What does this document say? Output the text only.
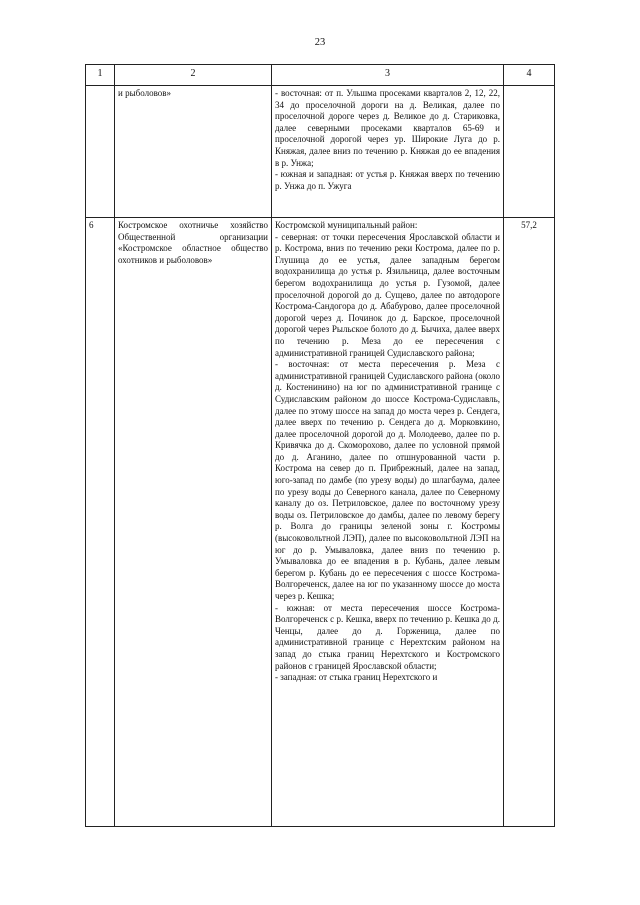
23
1	2	3	4
	и рыболовов»	- восточная: от п. Ульшма просеками кварталов 2, 12, 22, 34 до проселочной дороги на д. Великая, далее по проселочной дороге через д. Великое до д. Стариковка, далее северными просеками кварталов 65-69 и проселочной дорогой через ур. Широкие Луга до р. Княжая, далее вниз по течению р. Княжая до ее впадения в р. Унжа;

- южная и западная: от устья р. Княжая вверх по течению р. Унжа до п. Ужуга	

6	Костромское охотничье хозяйство Общественной организации «Костромское областное общество охотников и рыболовов»	Костромской муниципальный район:

- северная: от точки пересечения Ярославской области и р. Кострома, вниз по течению реки Кострома, далее по р. Глушица до ее устья, далее западным берегом водохранилища до устья р. Язильница, далее восточным берегом водохранилища до устья р. Гузомой, далее проселочной дорогой до д. Сущево, далее по автодороге Кострома-Сандогора до д. Абабурово, далее проселочной дорогой через д. Починок до д. Барское, проселочной дорогой через Рыльское болото до д. Бычиха, далее вверх по течению р. Меза до ее пересечения с административной границей Судиславского района;

- восточная: от места пересечения р. Меза с административной границей Судиславского района (около д. Костенинино) на юг по административной границе с Судиславским районом до шоссе Кострома-Судиславль, далее по этому шоссе на запад до моста через р. Сендега, далее вверх по течению р. Сендега до д. Морковкино, далее проселочной дорогой до д. Молодеево, далее по р. Кривячка до д. Скоморохово, далее по условной прямой до д. Аганино, далее по отшнурованной части р. Кострома на север до п. Прибрежный, далее на запад, юго-запад по дамбе (по урезу воды) до шлагбаума, далее по урезу воды до Северного канала, далее по Северному каналу до оз. Петриловское, далее по восточному урезу воды оз. Петриловское до дамбы, далее по левому берегу р. Волга до границы зеленой зоны г. Костромы (высоковольтной ЛЭП), далее по высоковольтной ЛЭП на юг до р. Умываловка, далее вниз по течению р. Умываловка до ее впадения в р. Кубань, далее левым берегом р. Кубань до ее пересечения с шоссе Кострома-Волгореченск, далее на юг по указанному шоссе до моста через р. Кешка;

- южная: от места пересечения шоссе Кострома-Волгореченск с р. Кешка, вверх по течению р. Кешка до д. Ченцы, далее до д. Горженица, далее по административной границе с Нерехтским районом на запад до стыка границ Нерехтского и Костромского районов с границей Ярославской области;

- западная: от стыка границ Нерехтского и	57,2
